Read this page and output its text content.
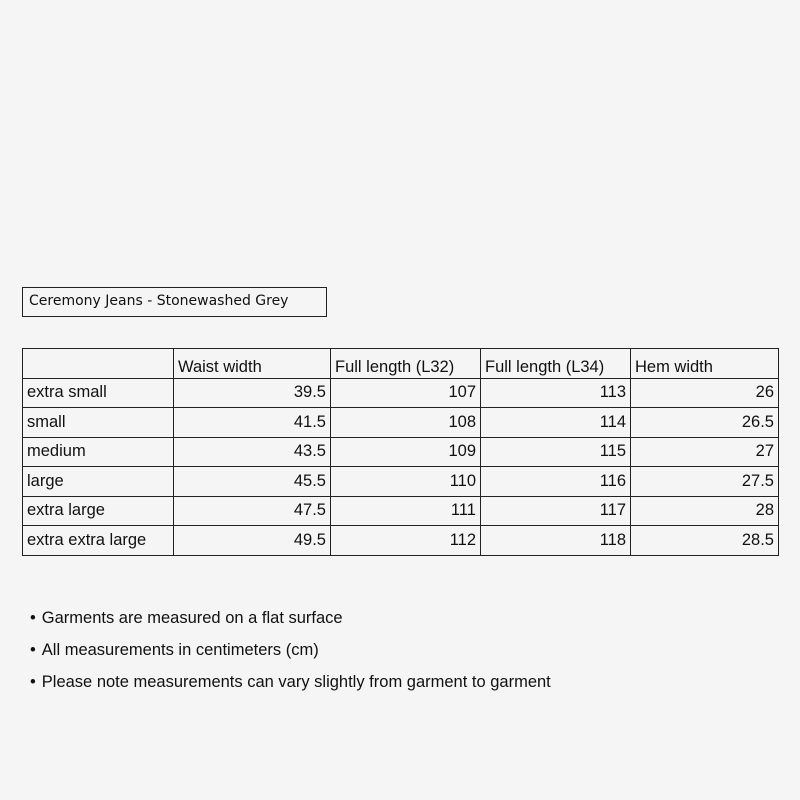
Ceremony Jeans - Stonewashed Grey
	Waist width	Full length (L32)	Full length (L34)	Hem width
extra small	39.5	107	113	26
small	41.5	108	114	26.5
medium	43.5	109	115	27
large	45.5	110	116	27.5
extra large	47.5	111	117	28
extra extra large	49.5	112	118	28.5
• Garments are measured on a flat surface
• All measurements in centimeters (cm)
• Please note measurements can vary slightly from garment to garment
